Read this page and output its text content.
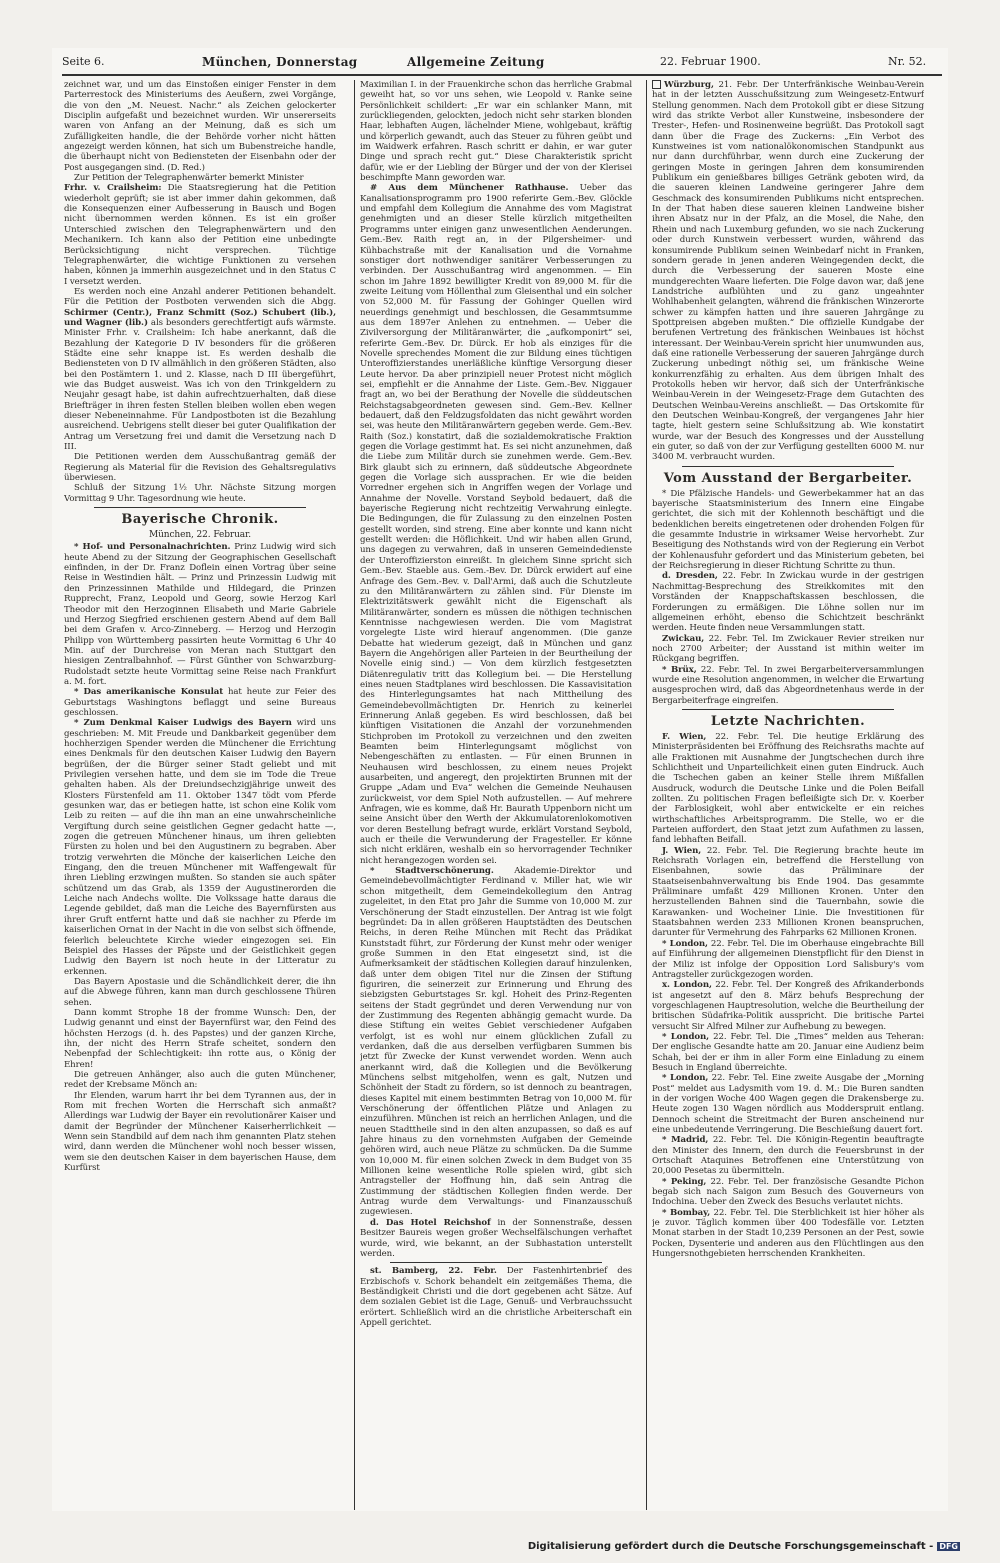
Seite 6.	München, Donnerstag	Allgemeine Zeitung	22. Februar 1900.	Nr. 52.

zeichnet war, und um das Einstoßen einiger Fenster in dem Parterrestock des Ministeriums des Aeußern, zwei Vorgänge, die von den „M. Neuest. Nachr.“ als Zeichen gelockerter Disciplin aufgefaßt und bezeichnet wurden. Wir unsererseits waren von Anfang an der Meinung, daß es sich um Zufälligkeiten handle, die der Behörde vorher nicht hätten angezeigt werden können, hat sich um Bubenstreiche handle, die überhaupt nicht von Bediensteten der Eisenbahn oder der Post ausgegangen sind. (D. Red.)

Zur Petition der Telegraphenwärter bemerkt Minister

Frhr. v. Crailsheim: Die Staatsregierung hat die Petition wiederholt geprüft; sie ist aber immer dahin gekommen, daß die Konsequenzen einer Aufbesserung in Bausch und Bogen nicht übernommen werden können. Es ist ein großer Unterschied zwischen den Telegraphenwärtern und den Mechanikern. Ich kann also der Petition eine unbedingte Berücksichtigung nicht versprechen. Tüchtige Telegraphenwärter, die wichtige Funktionen zu versehen haben, können ja immerhin ausgezeichnet und in den Status C I versetzt werden.

Es werden noch eine Anzahl anderer Petitionen behandelt. Für die Petition der Postboten verwenden sich die Abgg. Schirmer (Centr.), Franz Schmitt (Soz.) Schubert (lib.), und Wagner (lib.) als besonders gerechtfertigt aufs wärmste. Minister Frhr. v. Crailsheim: Ich habe anerkannt, daß die Bezahlung der Kategorie D IV besonders für die größeren Städte eine sehr knappe ist. Es werden deshalb die Bediensteten von D IV allmählich in den größeren Städten, also bei den Postämtern 1. und 2. Klasse, nach D III übergeführt, wie das Budget ausweist. Was ich von den Trinkgeldern zu Neujahr gesagt habe, ist dahin aufrechtzuerhalten, daß diese Briefträger in ihren festen Stellen bleiben wollen eben wegen dieser Nebeneinnahme. Für Landpostboten ist die Bezahlung ausreichend. Uebrigens stellt dieser bei guter Qualifikation der Antrag um Versetzung frei und damit die Versetzung nach D III.

Die Petitionen werden dem Ausschußantrag gemäß der Regierung als Material für die Revision des Gehaltsregulativs überwiesen.

Schluß der Sitzung 1½ Uhr. Nächste Sitzung morgen Vormittag 9 Uhr. Tagesordnung wie heute.

Bayerische Chronik.

München, 22. Februar.

* Hof- und Personalnachrichten. Prinz Ludwig wird sich heute Abend zu der Sitzung der Geographischen Gesellschaft einfinden, in der Dr. Franz Doflein einen Vortrag über seine Reise in Westindien hält. — Prinz und Prinzessin Ludwig mit den Prinzessinnen Mathilde und Hildegard, die Prinzen Rupprecht, Franz, Leopold und Georg, sowie Herzog Karl Theodor mit den Herzoginnen Elisabeth und Marie Gabriele und Herzog Siegfried erschienen gestern Abend auf dem Ball bei dem Grafen v. Arco-Zinneberg. — Herzog und Herzogin Philipp von Württemberg passirten heute Vormittag 6 Uhr 40 Min. auf der Durchreise von Meran nach Stuttgart den hiesigen Zentralbahnhof. — Fürst Günther von Schwarzburg-Rudolstadt setzte heute Vormittag seine Reise nach Frankfurt a. M. fort.

* Das amerikanische Konsulat hat heute zur Feier des Geburtstags Washingtons beflaggt und seine Bureaus geschlossen.

* Zum Denkmal Kaiser Ludwigs des Bayern wird uns geschrieben: M. Mit Freude und Dankbarkeit gegenüber dem hochherzigen Spender werden die Münchener die Errichtung eines Denkmals für den deutschen Kaiser Ludwig den Bayern begrüßen, der die Bürger seiner Stadt geliebt und mit Privilegien versehen hatte, und dem sie im Tode die Treue gehalten haben. Als der Dreiundsechzigjährige unweit des Klosters Fürstenfeld am 11. Oktober 1347 tödt vom Pferde gesunken war, das er betiegen hatte, ist schon eine Kolik vom Leib zu reiten — auf die ihn man an eine unwahrscheinliche Vergiftung durch seine geistlichen Gegner gedacht hatte —, zogen die getreuen Münchener hinaus, um ihren geliebten Fürsten zu holen und bei den Augustinern zu begraben. Aber trotzig verwehrten die Mönche der kaiserlichen Leiche den Eingang, den die treuen Münchener mit Waffengewalt für ihren Liebling erzwingen mußten. So standen sie auch später schützend um das Grab, als 1359 der Augustinerorden die Leiche nach Andechs wollte. Die Volkssage hatte daraus die Legende gebildet, daß man die Leiche des Bayernfürsten aus ihrer Gruft entfernt hatte und daß sie nachher zu Pferde im kaiserlichen Ornat in der Nacht in die von selbst sich öffnende, feierlich beleuchtete Kirche wieder eingezogen sei. Ein Beispiel des Hasses der Päpste und der Geistlichkeit gegen Ludwig den Bayern ist noch heute in der Litteratur zu erkennen.

Das Bayern Apostasie und die Schändlichkeit derer, die ihn auf die Abwege führen, kann man durch geschlossene Thüren sehen.

Dann kommt Strophe 18 der fromme Wunsch: Den, der Ludwig genannt und einst der Bayernfürst war, den Feind des höchsten Herzogs (d. h. des Papstes) und der ganzen Kirche, ihn, der nicht des Herrn Strafe scheitet, sondern den Nebenpfad der Schlechtigkeit: ihn rotte aus, o König der Ehren!

Die getreuen Anhänger, also auch die guten Münchener, redet der Krebsame Mönch an:

Ihr Elenden, warum harrt ihr bei dem Tyrannen aus, der in Rom mit frechen Worten die Herrschaft sich anmaßt? Allerdings war Ludwig der Bayer ein revolutionärer Kaiser und damit der Begründer der Münchener Kaiserherrlichkeit — Wenn sein Standbild auf dem nach ihm genannten Platz stehen wird, dann werden die Münchener wohl noch besser wissen, wem sie den deutschen Kaiser in dem bayerischen Hause, dem Kurfürst

Maximilian I. in der Frauenkirche schon das herrliche Grabmal geweiht hat, so vor uns sehen, wie Leopold v. Ranke seine Persönlichkeit schildert: „Er war ein schlanker Mann, mit zurückliegenden, gelockten, jedoch nicht sehr starken blonden Haar, lebhaften Augen, lächelnder Miene, wohlgebaut, kräftig und körperlich gewandt, auch das Steuer zu führen geübt und im Waidwerk erfahren. Rasch schritt er dahin, er war guter Dinge und sprach recht gut.“ Diese Charakteristik spricht dafür, wie er der Liebling der Bürger und der von der Klerisei beschimpfte Mann geworden war.

# Aus dem Münchener Rathhause. Ueber das Kanalisationsprogramm pro 1900 referirte Gem.-Bev. Glöckle und empfahl dem Kollegium die Annahme des vom Magistrat genehmigten und an dieser Stelle kürzlich mitgetheilten Programms unter einigen ganz unwesentlichen Aenderungen. Gem.-Bev. Raith regt an, in der Pilgersheimer- und Kühbachstraße mit der Kanalisation und die Vornahme sonstiger dort nothwendiger sanitärer Verbesserungen zu verbinden. Der Ausschußantrag wird angenommen. — Ein schon im Jahre 1892 bewilligter Kredit von 89,000 M. für die zweite Leitung vom Höllenthal zum Gleisenthal und ein solcher von 52,000 M. für Fassung der Gohinger Quellen wird neuerdings genehmigt und beschlossen, die Gesammtsumme aus dem 1897er Anlehen zu entnehmen. — Ueber die Zivilversorgung der Militäranwärter, die „aufkomponirt“ sei, referirte Gem.-Bev. Dr. Dürck. Er hob als einziges für die Novelle sprechendes Moment die zur Bildung eines tüchtigen Unteroffizierstandes unerläßliche künftige Versorgung dieser Leute hervor. Da aber prinzipiell neuer Protest nicht möglich sei, empfiehlt er die Annahme der Liste. Gem.-Bev. Niggauer fragt an, wo bei der Berathung der Novelle die süddeutschen Reichstagsabgeordneten gewesen sind. Gem.-Bev. Kellner bedauert, daß den Feldzugsfoldaten das nicht gewährt worden sei, was heute den Militäranwärtern gegeben werde. Gem.-Bev. Raith (Soz.) konstatirt, daß die sozialdemokratische Fraktion gegen die Vorlage gestimmt hat. Es sei nicht anzunehmen, daß die Liebe zum Militär durch sie zunehmen werde. Gem.-Bev. Birk glaubt sich zu erinnern, daß süddeutsche Abgeordnete gegen die Vorlage sich aussprachen. Er wie die beiden Vorredner ergehen sich in Angriffen wegen der Vorlage und Annahme der Novelle. Vorstand Seybold bedauert, daß die bayerische Regierung nicht rechtzeitig Verwahrung einlegte. Die Bedingungen, die für Zulassung zu den einzelnen Posten gestellt worden, sind streng. Eine aber konnte und kann nicht gestellt werden: die Höflichkeit. Und wir haben allen Grund, uns dagegen zu verwahren, daß in unseren Gemeindedienste der Unteroffizierston einreißt. In gleichem Sinne spricht sich Gem.-Bev. Staeble aus. Gem.-Bev. Dr. Dürck erwidert auf eine Anfrage des Gem.-Bev. v. Dall'Armi, daß auch die Schutzleute zu den Militäranwärtern zu zählen sind. Für Dienste im Elektrizitätswerk gewählt nicht die Eigenschaft als Militäranwärter, sondern es müssen die nöthigen technischen Kenntnisse nachgewiesen werden. Die vom Magistrat vorgelegte Liste wird hierauf angenommen. (Die ganze Debatte hat wiederum gezeigt, daß in München und ganz Bayern die Angehörigen aller Parteien in der Beurtheilung der Novelle einig sind.) — Von dem kürzlich festgesetzten Diätenregulativ tritt das Kollegium bei. — Die Herstellung eines neuen Stadtplanes wird beschlossen. Die Kassavisitation des Hinterlegungsamtes hat nach Mittheilung des Gemeindebevollmächtigten Dr. Henrich zu keinerlei Erinnerung Anlaß gegeben. Es wird beschlossen, daß bei künftigen Visitationen die Anzahl der vorzunehmenden Stichproben im Protokoll zu verzeichnen und den zweiten Beamten beim Hinterlegungsamt möglichst von Nebengeschäften zu entlasten. — Für einen Brunnen in Neuhausen wird beschlossen, zu einem neues Projekt ausarbeiten, und angeregt, den projektirten Brunnen mit der Gruppe „Adam und Eva“ welchen die Gemeinde Neuhausen zurückweist, vor dem Spiel Noth aufzustellen. — Auf mehrere Anfragen, wie es komme, daß Hr. Baurath Uppenborn nicht um seine Ansicht über den Werth der Akkumulatorenlokomotiven vor deren Bestellung befragt wurde, erklärt Vorstand Seybold, auch er theile die Verwunderung der Fragesteller. Er könne sich nicht erklären, weshalb ein so hervorragender Techniker nicht herangezogen worden sei.

* Stadtverschönerung. Akademie-Direktor und Gemeindebevollmächtigter Ferdinand v. Miller hat, wie wir schon mitgetheilt, dem Gemeindekollegium den Antrag zugeleitet, in den Etat pro Jahr die Summe von 10,000 M. zur Verschönerung der Stadt einzustellen. Der Antrag ist wie folgt begründet: Da in allen größeren Hauptstädten des Deutschen Reichs, in deren Reihe München mit Recht das Prädikat Kunststadt führt, zur Förderung der Kunst mehr oder weniger große Summen in den Etat eingesetzt sind, ist die Aufmerksamkeit der städtischen Kollegien darauf hinzulenken, daß unter dem obigen Titel nur die Zinsen der Stiftung figuriren, die seinerzeit zur Erinnerung und Ehrung des siebzigsten Geburtstages Sr. kgl. Hoheit des Prinz-Regenten seitens der Stadt gegründet und deren Verwendung nur von der Zustimmung des Regenten abhängig gemacht wurde. Da diese Stiftung ein weites Gebiet verschiedener Aufgaben verfolgt, ist es wohl nur einem glücklichen Zufall zu verdanken, daß die aus derselben verfügbaren Summen bis jetzt für Zwecke der Kunst verwendet worden. Wenn auch anerkannt wird, daß die Kollegien und die Bevölkerung Münchens selbst mitgeholfen, wenn es galt, Nutzen und Schönheit der Stadt zu fördern, so ist dennoch zu beantragen, dieses Kapitel mit einem bestimmten Betrag von 10,000 M. für Verschönerung der öffentlichen Plätze und Anlagen zu einzuführen. München ist reich an herrlichen Anlagen, und die neuen Stadttheile sind in den alten anzupassen, so daß es auf Jahre hinaus zu den vornehmsten Aufgaben der Gemeinde gehören wird, auch neue Plätze zu schmücken. Da die Summe von 10,000 M. für einen solchen Zweck in dem Budget von 35 Millionen keine wesentliche Rolle spielen wird, gibt sich Antragsteller der Hoffnung hin, daß sein Antrag die Zustimmung der städtischen Kollegien finden werde. Der Antrag wurde dem Verwaltungs- und Finanzausschuß zugewiesen.

d. Das Hotel Reichshof in der Sonnenstraße, dessen Besitzer Baureis wegen großer Wechselfälschungen verhaftet wurde, wird, wie bekannt, an der Subhastation unterstellt werden.

st. Bamberg, 22. Febr. Der Fastenhirtenbrief des Erzbischofs v. Schork behandelt ein zeitgemäßes Thema, die Beständigkeit Christi und die dort gegebenen acht Sätze. Auf dem sozialen Gebiet ist die Lage, Genuß- und Verbrauchssucht erörtert. Schließlich wird an die christliche Arbeiterschaft ein Appell gerichtet.

Würzburg, 21. Febr. Der Unterfränkische Weinbau-Verein hat in der letzten Ausschußsitzung zum Weingesetz-Entwurf Stellung genommen. Nach dem Protokoll gibt er diese Sitzung wird das strikte Verbot aller Kunstweine, insbesondere der Trester-, Hefen- und Rosinenweine begrüßt. Das Protokoll sagt dann über die Frage des Zuckerns: „Ein Verbot des Kunstweines ist vom nationalökonomischen Standpunkt aus nur dann durchführbar, wenn durch eine Zuckerung der geringen Moste in geringen Jahren dem konsumirenden Publikum ein genießbares billiges Getränk geboten wird, da die saueren kleinen Landweine geringerer Jahre dem Geschmack des konsumirenden Publikums nicht entsprechen. In der That haben diese saueren kleinen Landweine bisher ihren Absatz nur in der Pfalz, an die Mosel, die Nahe, den Rhein und nach Luxemburg gefunden, wo sie nach Zuckerung oder durch Kunstwein verbessert wurden, während das konsumirende Publikum seinen Weinbedarf nicht in Franken, sondern gerade in jenen anderen Weingegenden deckt, die durch die Verbesserung der saueren Moste eine mundgerechten Waare lieferten. Die Folge davon war, daß jene Landstriche aufblühten und zu ganz ungeahnter Wohlhabenheit gelangten, während die fränkischen Winzerorte schwer zu kämpfen hatten und ihre saueren Jahrgänge zu Spottpreisen abgeben mußten.“ Die offizielle Kundgabe der berufenen Vertretung des fränkischen Weinbaues ist höchst interessant. Der Weinbau-Verein spricht hier unumwunden aus, daß eine rationelle Verbesserung der saueren Jahrgänge durch Zuckerung unbedingt nöthig sei, um fränkische Weine konkurrenzfähig zu erhalten. Aus dem übrigen Inhalt des Protokolls heben wir hervor, daß sich der Unterfränkische Weinbau-Verein in der Weingesetz-Frage dem Gutachten des Deutschen Weinbau-Vereins anschließt. — Das Ortskomite für den Deutschen Weinbau-Kongreß, der vergangenes Jahr hier tagte, hielt gestern seine Schlußsitzung ab. Wie konstatirt wurde, war der Besuch des Kongresses und der Ausstellung ein guter, so daß von der zur Verfügung gestellten 6000 M. nur 3400 M. verbraucht wurden.

Vom Ausstand der Bergarbeiter.

* Die Pfälzische Handels- und Gewerbekammer hat an das bayerische Staatsministerium des Innern eine Eingabe gerichtet, die sich mit der Kohlennoth beschäftigt und die bedenklichen bereits eingetretenen oder drohenden Folgen für die gesammte Industrie in wirksamer Weise hervorhebt. Zur Beseitigung des Nothstands wird von der Regierung ein Verbot der Kohlenausfuhr gefordert und das Ministerium gebeten, bei der Reichsregierung in dieser Richtung Schritte zu thun.

d. Dresden, 22. Febr. In Zwickau wurde in der gestrigen Nachmittag-Besprechung des Streikkomites mit den Vorständen der Knappschaftskassen beschlossen, die Forderungen zu ermäßigen. Die Löhne sollen nur im allgemeinen erhöht, ebenso die Schichtzeit beschränkt werden. Heute finden neue Versammlungen statt.

Zwickau, 22. Febr. Tel. Im Zwickauer Revier streiken nur noch 2700 Arbeiter; der Ausstand ist mithin weiter im Rückgang begriffen.

* Brüx, 22. Febr. Tel. In zwei Bergarbeiterversammlungen wurde eine Resolution angenommen, in welcher die Erwartung ausgesprochen wird, daß das Abgeordnetenhaus werde in der Bergarbeiterfrage eingreifen.

Letzte Nachrichten.

F. Wien, 22. Febr. Tel. Die heutige Erklärung des Ministerpräsidenten bei Eröffnung des Reichsraths machte auf alle Fraktionen mit Ausnahme der Jungtschechen durch ihre Schlichtheit und Unparteilichkeit einen guten Eindruck. Auch die Tschechen gaben an keiner Stelle ihrem Mißfallen Ausdruck, wodurch die Deutsche Linke und die Polen Beifall zollten. Zu politischen Fragen befleißigte sich Dr. v. Koerber der Farblosigkeit, wohl aber entwickelte er ein reiches wirthschaftliches Arbeitsprogramm. Die Stelle, wo er die Parteien auffordert, den Staat jetzt zum Aufathmen zu lassen, fand lebhaften Beifall.

J. Wien, 22. Febr. Tel. Die Regierung brachte heute im Reichsrath Vorlagen ein, betreffend die Herstellung von Eisenbahnen, sowie das Präliminare der Staatseisenbahnverwaltung bis Ende 1904. Das gesammte Präliminare umfaßt 429 Millionen Kronen. Unter den herzustellenden Bahnen sind die Tauernbahn, sowie die Karawanken- und Wocheiner Linie. Die Investitionen für Staatsbahnen werden 233 Millionen Kronen beanspruchen, darunter für Vermehrung des Fahrparks 62 Millionen Kronen.

* London, 22. Febr. Tel. Die im Oberhause eingebrachte Bill auf Einführung der allgemeinen Dienstpflicht für den Dienst in der Miliz ist infolge der Opposition Lord Salisbury's vom Antragsteller zurückgezogen worden.

x. London, 22. Febr. Tel. Der Kongreß des Afrikanderbonds ist angesetzt auf den 8. März behufs Besprechung der vorgeschlagenen Hauptresolution, welche die Beurtheilung der britischen Südafrika-Politik ausspricht. Die britische Partei versucht Sir Alfred Milner zur Aufhebung zu bewegen.

* London, 22. Febr. Tel. Die „Times“ melden aus Teheran: Der englische Gesandte hatte am 20. Januar eine Audienz beim Schah, bei der er ihm in aller Form eine Einladung zu einem Besuch in England überreichte.

* London, 22. Febr. Tel. Eine zweite Ausgabe der „Morning Post“ meldet aus Ladysmith vom 19. d. M.: Die Buren sandten in der vorigen Woche 400 Wagen gegen die Drakensberge zu. Heute zogen 130 Wagen nördlich aus Modderspruit entlang. Dennoch scheint die Streitmacht der Buren anscheinend nur eine unbedeutende Verringerung. Die Beschießung dauert fort.

* Madrid, 22. Febr. Tel. Die Königin-Regentin beauftragte den Minister des Innern, den durch die Feuersbrunst in der Ortschaft Ataquines Betroffenen eine Unterstützung von 20,000 Pesetas zu übermitteln.

* Peking, 22. Febr. Tel. Der französische Gesandte Pichon begab sich nach Saigon zum Besuch des Gouverneurs von Indochina. Ueber den Zweck des Besuchs verlautet nichts.

* Bombay, 22. Febr. Tel. Die Sterblichkeit ist hier höher als je zuvor. Täglich kommen über 400 Todesfälle vor. Letzten Monat starben in der Stadt 10,239 Personen an der Pest, sowie Pocken, Dysenterie und anderen aus den Flüchtlingen aus den Hungersnothgebieten herrschenden Krankheiten.

Digitalisierung gefördert durch die Deutsche Forschungsgemeinschaft - DFG
